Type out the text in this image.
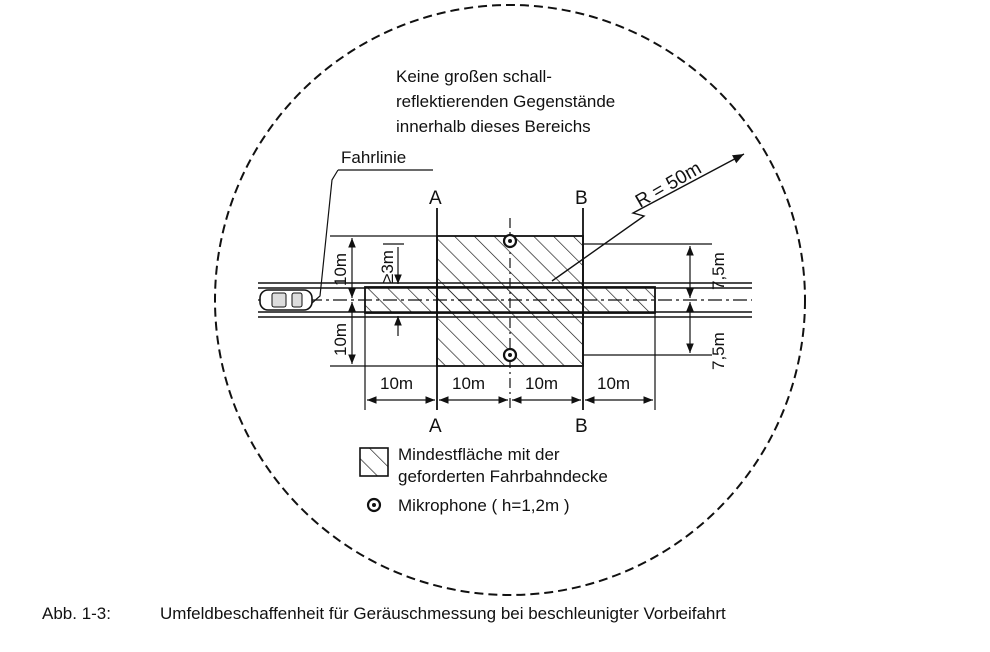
Keine großen schall-
reflektierenden Gegenstände
innerhalb dieses Bereichs
A	B
A	B
Fahrlinie
R = 50m
10m
10m
≥3m	7,5m
7,5m
10m 10m 10m 10m
Mindestfläche mit der
geforderten Fahrbahndecke
Mikrophone ( h=1,2m )
Abb. 1-3:	Umfeldbeschaffenheit für Geräuschmessung bei beschleunigter Vorbeifahrt
